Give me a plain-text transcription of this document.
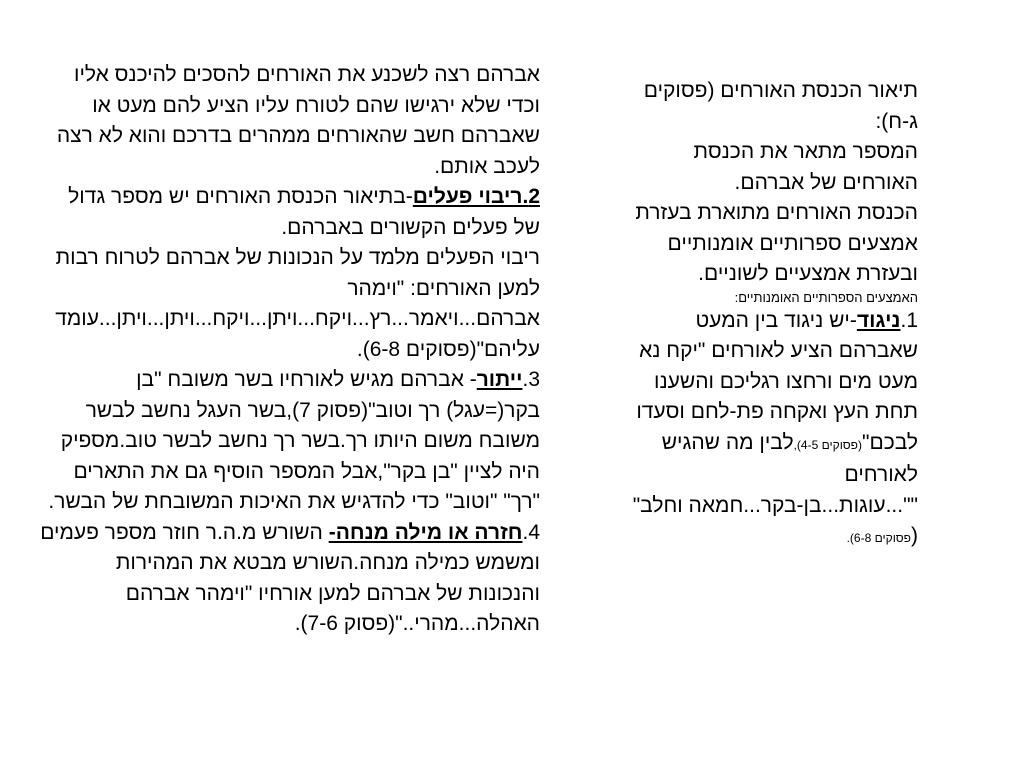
תיאור הכנסת האורחים (פסוקים ג-ח):

המספר מתאר את הכנסת האורחים של אברהם.

הכנסת האורחים מתוארת בעזרת אמצעים ספרותיים אומנותיים ובעזרת אמצעיים לשוניים.

האמצעים הספרותיים האומנותיים:

1.ניגוד-יש ניגוד בין המעט שאברהם הציע לאורחים "יקח נא מעט מים ורחצו רגליכם והשענו תחת העץ ואקחה פת-לחם וסעדו לבכם"(פסוקים 4-5),לבין מה שהגיש לאורחים ""...עוגות...בן-בקר...חמאה וחלב"(פסוקים 6-8).

אברהם רצה לשכנע את האורחים להסכים להיכנס אליו וכדי שלא ירגישו שהם לטורח עליו הציע להם מעט או שאברהם חשב שהאורחים ממהרים בדרכם והוא לא רצה לעכב אותם.

2.ריבוי פעלים-בתיאור הכנסת האורחים יש מספר גדול של פעלים הקשורים באברהם.

ריבוי הפעלים מלמד על הנכונות של אברהם לטרוח רבות למען האורחים: "וימהר אברהם...ויאמר...רץ...ויקח...ויתן...ויקח...ויתן...ויתן...עומד עליהם"(פסוקים 6-8).

3.ייתור- אברהם מגיש לאורחיו בשר משובח "בן בקר(=עגל) רך וטוב"(פסוק 7),בשר העגל נחשב לבשר משובח משום היותו רך.בשר רך נחשב לבשר טוב.מספיק היה לציין "בן בקר",אבל המספר הוסיף גם את התארים "רך" "וטוב" כדי להדגיש את האיכות המשובחת של הבשר.

4.חזרה או מילה מנחה- השורש מ.ה.ר חוזר מספר פעמים ומשמש כמילה מנחה.השורש מבטא את המהירות והנכונות של אברהם למען אורחיו "וימהר אברהם האהלה...מהרי.."(פסוק 7-6).
